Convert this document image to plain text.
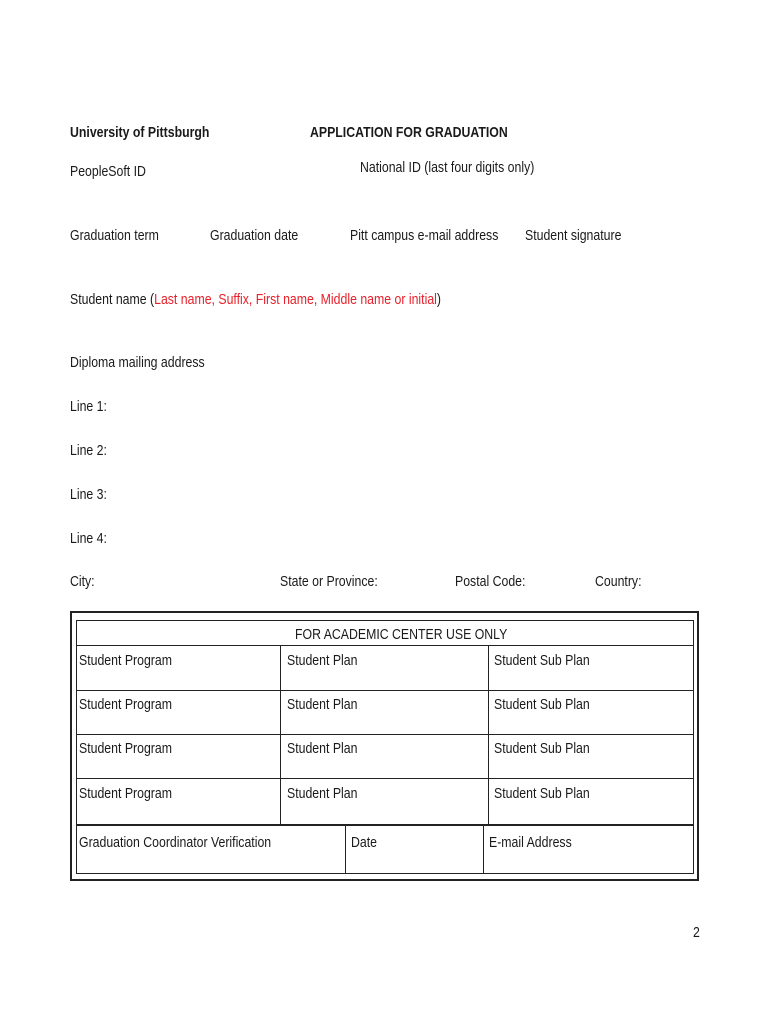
University of Pittsburgh	APPLICATION FOR GRADUATION
PeopleSoft ID	National ID (last four digits only)
Graduation term	Graduation date	Pitt campus e-mail address Student signature
Student name (Last name, Suffix, First name, Middle name or initial)
Diploma mailing address
Line 1:
Line 2:
Line 3:
Line 4:
City:	State or Province:	Postal Code:	Country:
FOR ACADEMIC CENTER USE ONLY
Student Program	Student Plan	Student Sub Plan
Student Program	Student Plan	Student Sub Plan
Student Program	Student Plan	Student Sub Plan
Student Program	Student Plan	Student Sub Plan
Graduation Coordinator Verification	Date	E-mail Address
2
